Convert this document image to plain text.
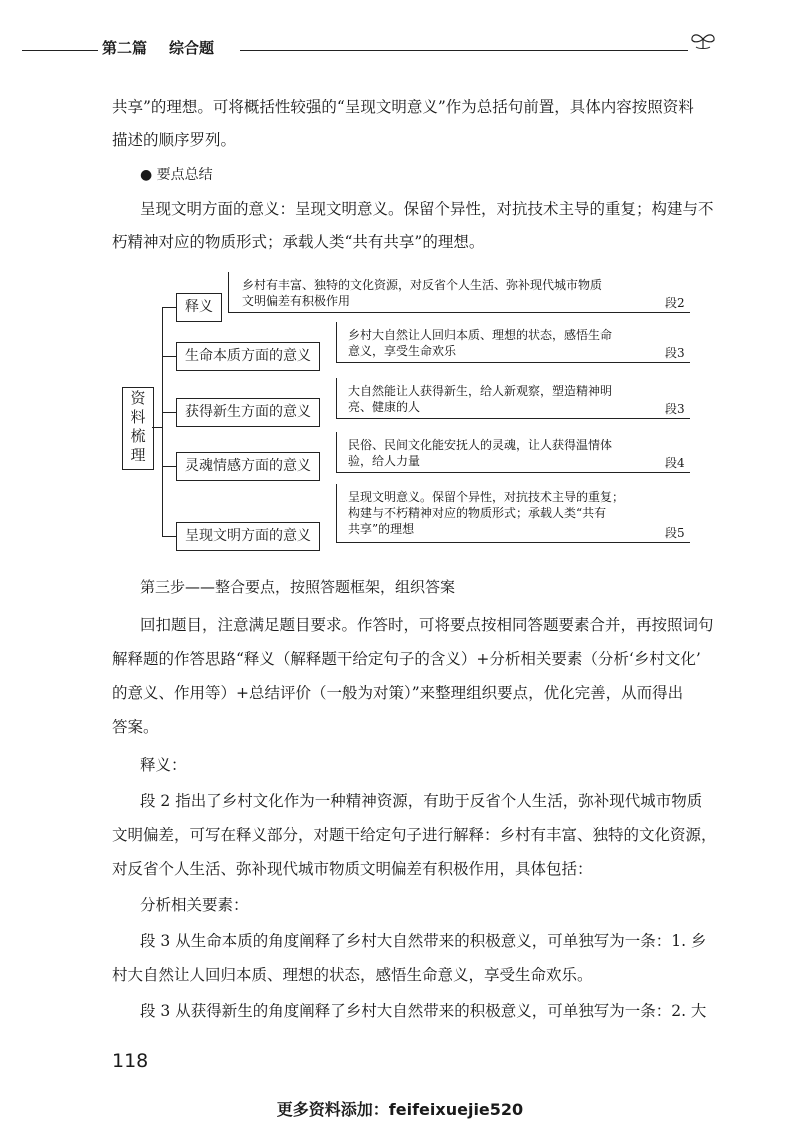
第二篇 综合题
共享”的理想。可将概括性较强的“呈现文明意义”作为总括句前置，具体内容按照资料
描述的顺序罗列。
● 要点总结
呈现文明方面的意义：呈现文明意义。保留个异性，对抗技术主导的重复；构建与不
朽精神对应的物质形式；承载人类“共有共享”的理想。
资
料
梳
理
释义
乡村有丰富、独特的文化资源，对反省个人生活、弥补现代城市物质
文明偏差有积极作用	段2
生命本质方面的意义
乡村大自然让人回归本质、理想的状态，感悟生命
意义，享受生命欢乐	段3
获得新生方面的意义
大自然能让人获得新生，给人新观察，塑造精神明
亮、健康的人	段3
灵魂情感方面的意义
民俗、民间文化能安抚人的灵魂，让人获得温情体
验，给人力量	段4
呈现文明方面的意义
呈现文明意义。保留个异性，对抗技术主导的重复；
构建与不朽精神对应的物质形式；承载人类“共有
共享”的理想	段5
第三步——整合要点，按照答题框架，组织答案
回扣题目，注意满足题目要求。作答时，可将要点按相同答题要素合并，再按照词句
解释题的作答思路“释义（解释题干给定句子的含义）+分析相关要素（分析‘乡村文化’
的意义、作用等）+总结评价（一般为对策）”来整理组织要点，优化完善，从而得出
答案。
释义：
段 2 指出了乡村文化作为一种精神资源，有助于反省个人生活，弥补现代城市物质
文明偏差，可写在释义部分，对题干给定句子进行解释：乡村有丰富、独特的文化资源，
对反省个人生活、弥补现代城市物质文明偏差有积极作用，具体包括：
分析相关要素：
段 3 从生命本质的角度阐释了乡村大自然带来的积极意义，可单独写为一条：1. 乡
村大自然让人回归本质、理想的状态，感悟生命意义，享受生命欢乐。
段 3 从获得新生的角度阐释了乡村大自然带来的积极意义，可单独写为一条：2. 大
118
更多资料添加：feifeixuejie520
